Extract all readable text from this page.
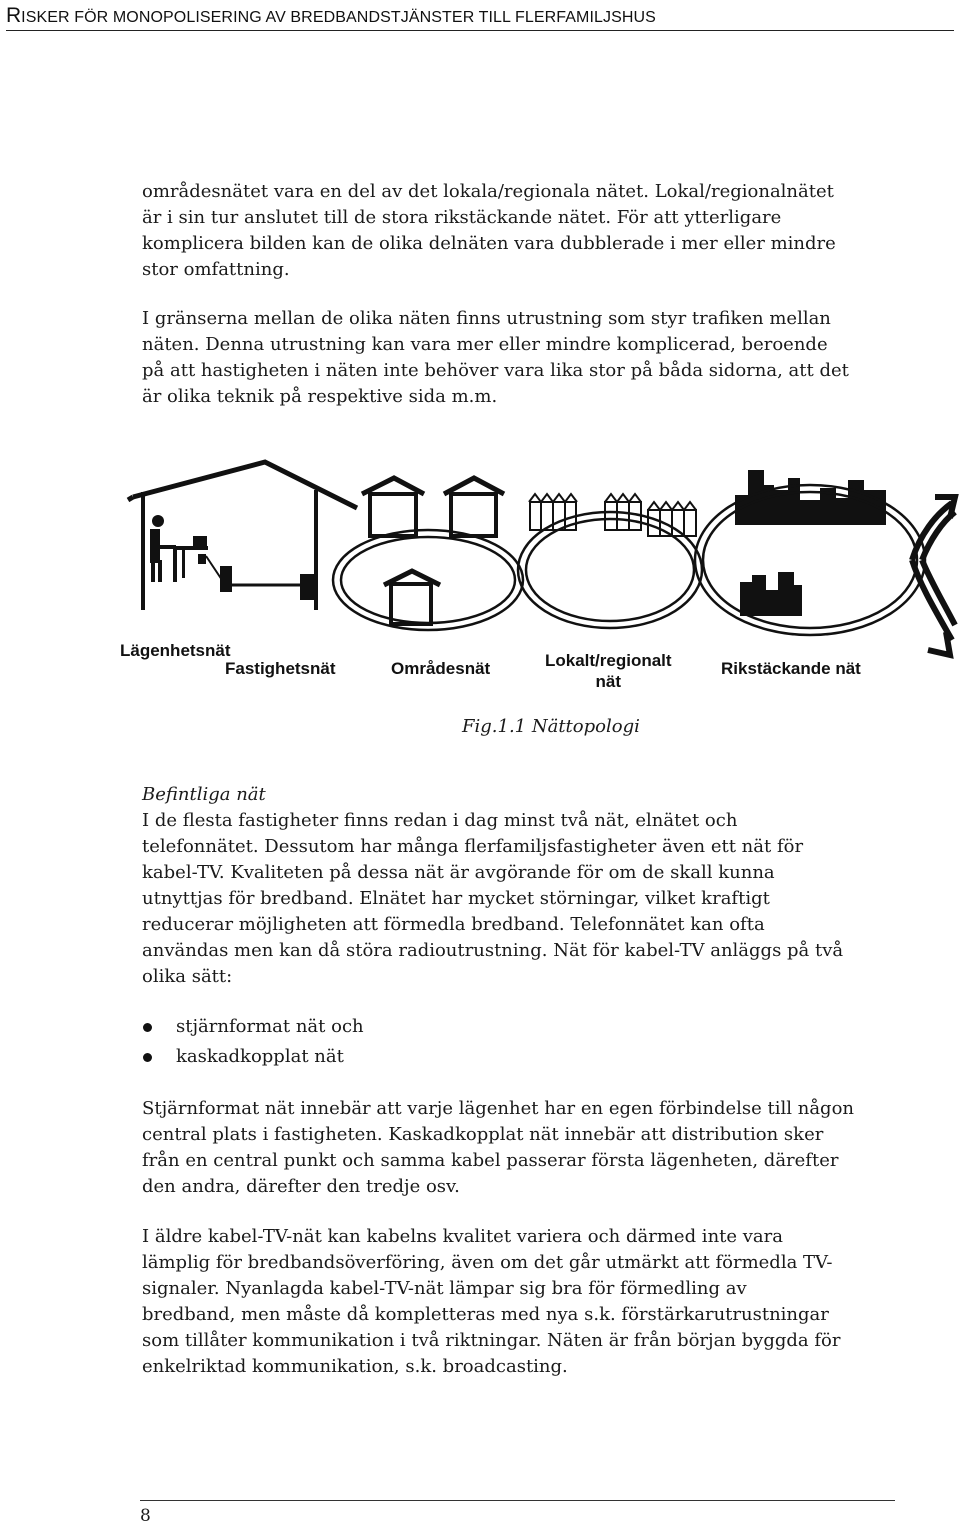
RISKER FÖR MONOPOLISERING AV BREDBANDSTJÄNSTER TILL FLERFAMILJSHUS

områdesnätet vara en del av det lokala/regionala nätet. Lokal/regionalnätet
är i sin tur anslutet till de stora rikstäckande nätet. För att ytterligare
komplicera bilden kan de olika delnäten vara dubblerade i mer eller mindre
stor omfattning.

I gränserna mellan de olika näten finns utrustning som styr trafiken mellan
näten. Denna utrustning kan vara mer eller mindre komplicerad, beroende
på att hastigheten i näten inte behöver vara lika stor på båda sidorna, att det
är olika teknik på respektive sida m.m.

Lägenhetsnät
Fastighetsnät	Områdesnät	Lokalt/regionalt
nät
Rikstäckande nät
Fig.1.1 Nättopologi

Befintliga nät
I de flesta fastigheter finns redan i dag minst två nät, elnätet och
telefonnätet. Dessutom har många flerfamiljsfastigheter även ett nät för
kabel-TV. Kvaliteten på dessa nät är avgörande för om de skall kunna
utnyttjas för bredband. Elnätet har mycket störningar, vilket kraftigt
reducerar möjligheten att förmedla bredband. Telefonnätet kan ofta
användas men kan då störa radioutrustning. Nät för kabel-TV anläggs på två
olika sätt:

stjärnformat nät och
kaskadkopplat nät

Stjärnformat nät innebär att varje lägenhet har en egen förbindelse till någon
central plats i fastigheten. Kaskadkopplat nät innebär att distribution sker
från en central punkt och samma kabel passerar första lägenheten, därefter
den andra, därefter den tredje osv.

I äldre kabel-TV-nät kan kabelns kvalitet variera och därmed inte vara
lämplig för bredbandsöverföring, även om det går utmärkt att förmedla TV-
signaler. Nyanlagda kabel-TV-nät lämpar sig bra för förmedling av
bredband, men måste då kompletteras med nya s.k. förstärkarutrustningar
som tillåter kommunikation i två riktningar. Näten är från början byggda för
enkelriktad kommunikation, s.k. broadcasting.

8
